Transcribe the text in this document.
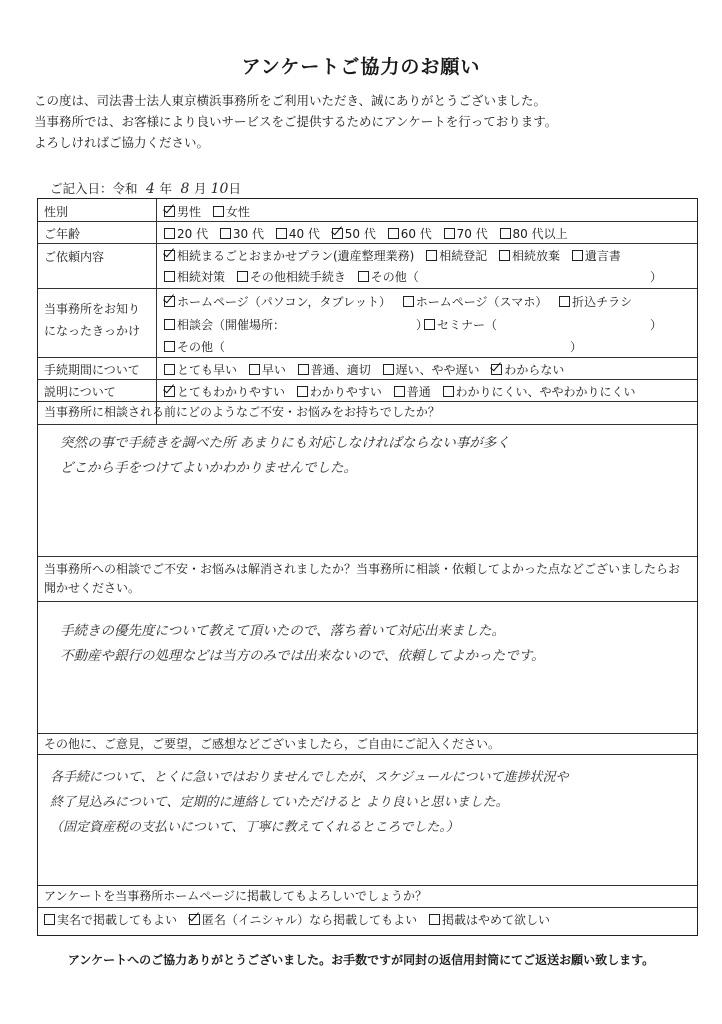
アンケートご協力のお願い
この度は、司法書士法人東京横浜事務所をご利用いただき、誠にありがとうございました。
当事務所では、お客様により良いサービスをご提供するためにアンケートを行っております。
よろしければご協力ください。
ご記入日：令和 4 年 8 月 10日
性別	男性 女性
ご年齢	20 代 30 代 40 代 50 代 60 代 70 代 80 代以上
ご依頼内容	相続まるごとおまかせプラン(遺産整理業務) 相続登記 相続放棄 遺言書
相続対策 その他相続手続き その他（	）
当事務所をお知り
になったきっかけ
ホームページ（パソコン，タブレット） ホームページ（スマホ） 折込チラシ
相談会（開催場所：	） セミナー（	）
その他（	）
手続期間について	とても早い 早い 普通、適切 遅い、やや遅い わからない
説明について	とてもわかりやすい わかりやすい 普通 わかりにくい、ややわかりにくい
当事務所に相談される前にどのようなご不安・お悩みをお持ちでしたか？
突然の事で手続きを調べた所 あまりにも対応しなければならない事が多く
どこから手をつけてよいかわかりませんでした。
当事務所への相談でご不安・お悩みは解消されましたか？当事務所に相談・依頼してよかった点などございましたらお聞かせください。
手続きの優先度について教えて頂いたので、落ち着いて対応出来ました。
不動産や銀行の処理などは当方のみでは出来ないので、依頼してよかったです。
その他に、ご意見，ご要望，ご感想などございましたら，ご自由にご記入ください。
各手続について、とくに急いではおりませんでしたが、スケジュールについて進捗状況や
終了見込みについて、定期的に連絡していただけると より良いと思いました。
（固定資産税の支払いについて、丁寧に教えてくれるところでした。）
アンケートを当事務所ホームページに掲載してもよろしいでしょうか？
実名で掲載してもよい 匿名（イニシャル）なら掲載してもよい 掲載はやめて欲しい
アンケートへのご協力ありがとうございました。お手数ですが同封の返信用封筒にてご返送お願い致します。
